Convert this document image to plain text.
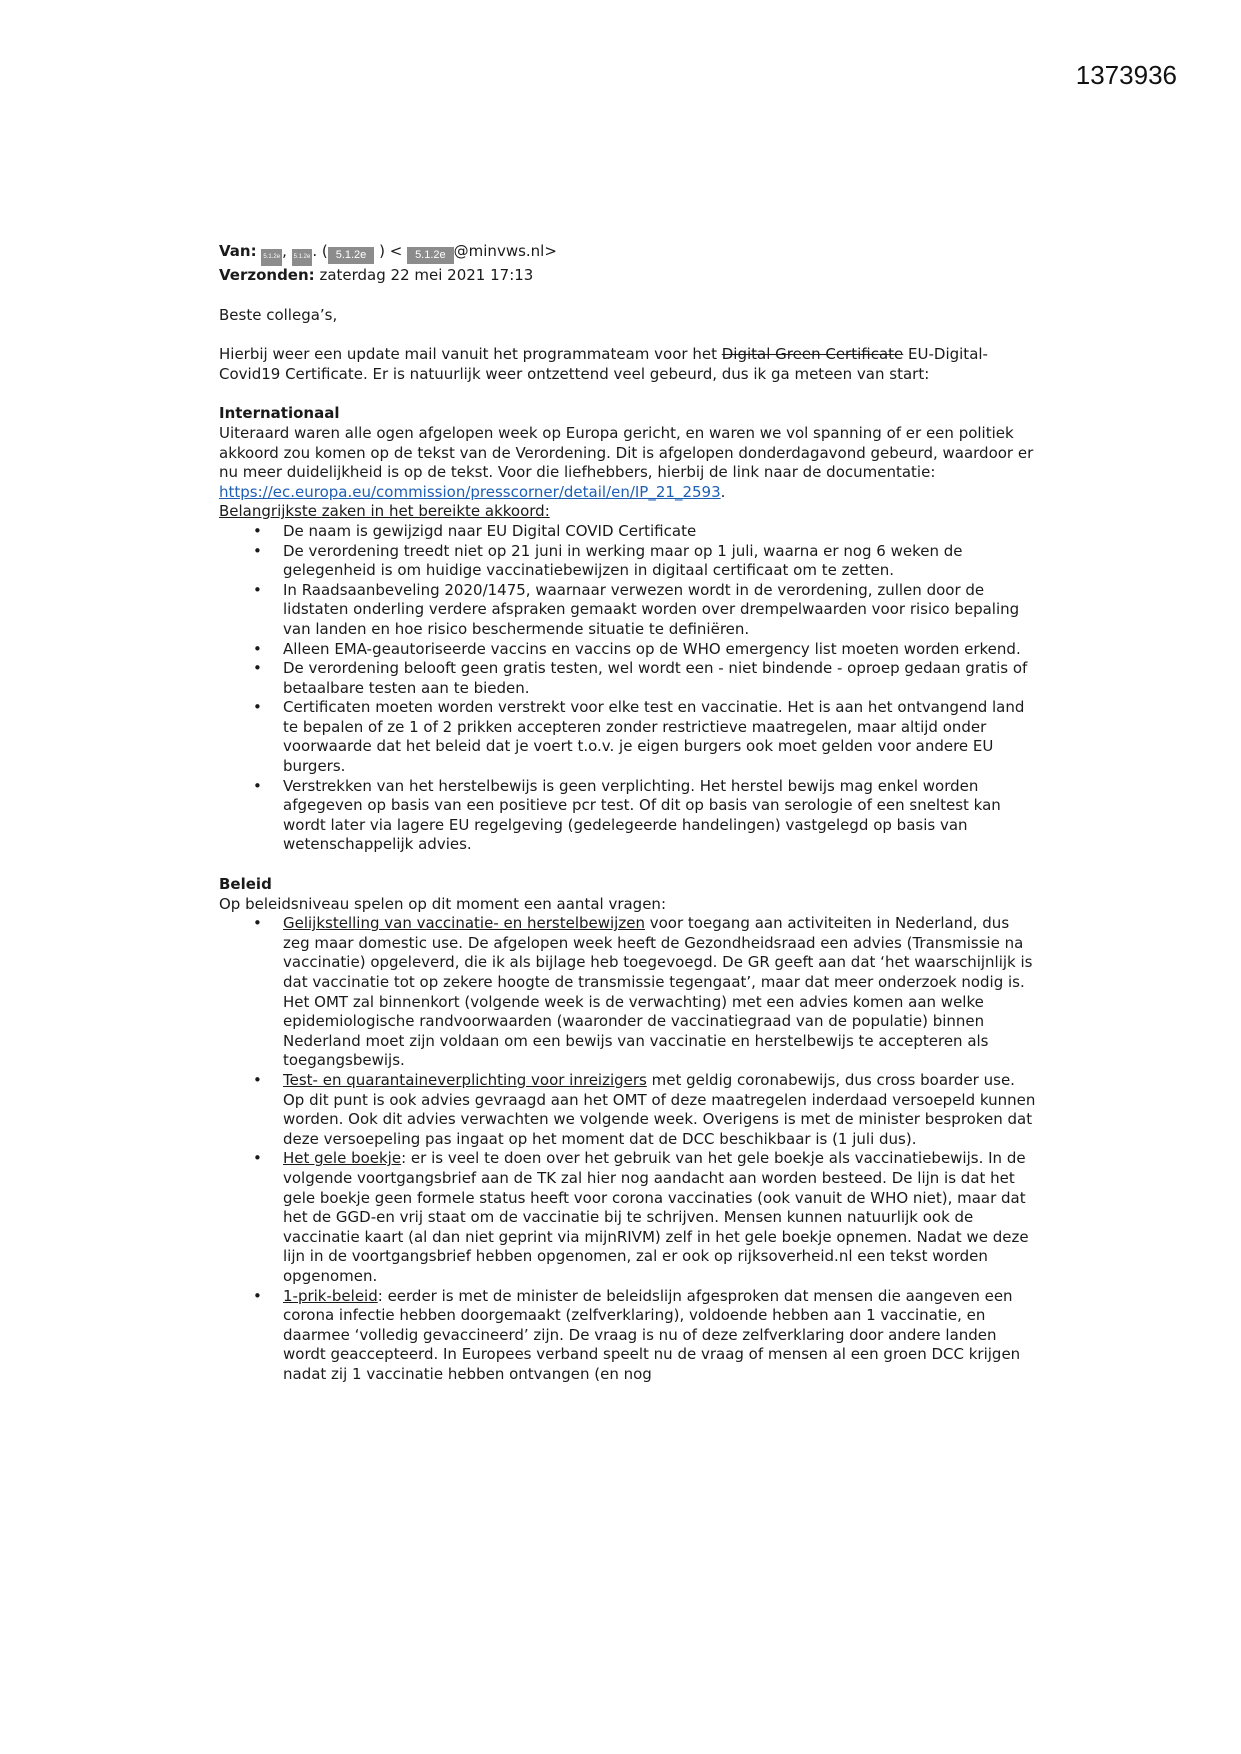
1373936
Van: 5.1.2e , 5.1.2e . ( 5.1.2e ) < 5.1.2e @minvws.nl>
Verzonden: zaterdag 22 mei 2021 17:13

Beste collega’s,

Hierbij weer een update mail vanuit het programmateam voor het Digital Green Certificate EU-Digital-Covid19 Certificate. Er is natuurlijk weer ontzettend veel gebeurd, dus ik ga meteen van start:

Internationaal

Uiteraard waren alle ogen afgelopen week op Europa gericht, en waren we vol spanning of er een politiek akkoord zou komen op de tekst van de Verordening. Dit is afgelopen donderdagavond gebeurd, waardoor er nu meer duidelijkheid is op de tekst. Voor die liefhebbers, hierbij de link naar de documentatie: https://ec.europa.eu/commission/presscorner/detail/en/IP_21_2593.

Belangrijkste zaken in het bereikte akkoord:

• De naam is gewijzigd naar EU Digital COVID Certificate
• De verordening treedt niet op 21 juni in werking maar op 1 juli, waarna er nog 6 weken de gelegenheid is om huidige vaccinatiebewijzen in digitaal certificaat om te zetten.
• In Raadsaanbeveling 2020/1475, waarnaar verwezen wordt in de verordening, zullen door de lidstaten onderling verdere afspraken gemaakt worden over drempelwaarden voor risico bepaling van landen en hoe risico beschermende situatie te definiëren.
• Alleen EMA-geautoriseerde vaccins en vaccins op de WHO emergency list moeten worden erkend.
• De verordening belooft geen gratis testen, wel wordt een - niet bindende - oproep gedaan gratis of betaalbare testen aan te bieden.
• Certificaten moeten worden verstrekt voor elke test en vaccinatie. Het is aan het ontvangend land te bepalen of ze 1 of 2 prikken accepteren zonder restrictieve maatregelen, maar altijd onder voorwaarde dat het beleid dat je voert t.o.v. je eigen burgers ook moet gelden voor andere EU burgers.
• Verstrekken van het herstelbewijs is geen verplichting. Het herstel bewijs mag enkel worden afgegeven op basis van een positieve pcr test. Of dit op basis van serologie of een sneltest kan wordt later via lagere EU regelgeving (gedelegeerde handelingen) vastgelegd op basis van wetenschappelijk advies.

Beleid

Op beleidsniveau spelen op dit moment een aantal vragen:

• Gelijkstelling van vaccinatie- en herstelbewijzen voor toegang aan activiteiten in Nederland, dus zeg maar domestic use. De afgelopen week heeft de Gezondheidsraad een advies (Transmissie na vaccinatie) opgeleverd, die ik als bijlage heb toegevoegd. De GR geeft aan dat ‘het waarschijnlijk is dat vaccinatie tot op zekere hoogte de transmissie tegengaat’, maar dat meer onderzoek nodig is. Het OMT zal binnenkort (volgende week is de verwachting) met een advies komen aan welke epidemiologische randvoorwaarden (waaronder de vaccinatiegraad van de populatie) binnen Nederland moet zijn voldaan om een bewijs van vaccinatie en herstelbewijs te accepteren als toegangsbewijs.
• Test- en quarantaineverplichting voor inreizigers met geldig coronabewijs, dus cross boarder use. Op dit punt is ook advies gevraagd aan het OMT of deze maatregelen inderdaad versoepeld kunnen worden. Ook dit advies verwachten we volgende week. Overigens is met de minister besproken dat deze versoepeling pas ingaat op het moment dat de DCC beschikbaar is (1 juli dus).
• Het gele boekje: er is veel te doen over het gebruik van het gele boekje als vaccinatiebewijs. In de volgende voortgangsbrief aan de TK zal hier nog aandacht aan worden besteed. De lijn is dat het gele boekje geen formele status heeft voor corona vaccinaties (ook vanuit de WHO niet), maar dat het de GGD-en vrij staat om de vaccinatie bij te schrijven. Mensen kunnen natuurlijk ook de vaccinatie kaart (al dan niet geprint via mijnRIVM) zelf in het gele boekje opnemen. Nadat we deze lijn in de voortgangsbrief hebben opgenomen, zal er ook op rijksoverheid.nl een tekst worden opgenomen.
• 1-prik-beleid: eerder is met de minister de beleidslijn afgesproken dat mensen die aangeven een corona infectie hebben doorgemaakt (zelfverklaring), voldoende hebben aan 1 vaccinatie, en daarmee ‘volledig gevaccineerd’ zijn. De vraag is nu of deze zelfverklaring door andere landen wordt geaccepteerd. In Europees verband speelt nu de vraag of mensen al een groen DCC krijgen nadat zij 1 vaccinatie hebben ontvangen (en nog
